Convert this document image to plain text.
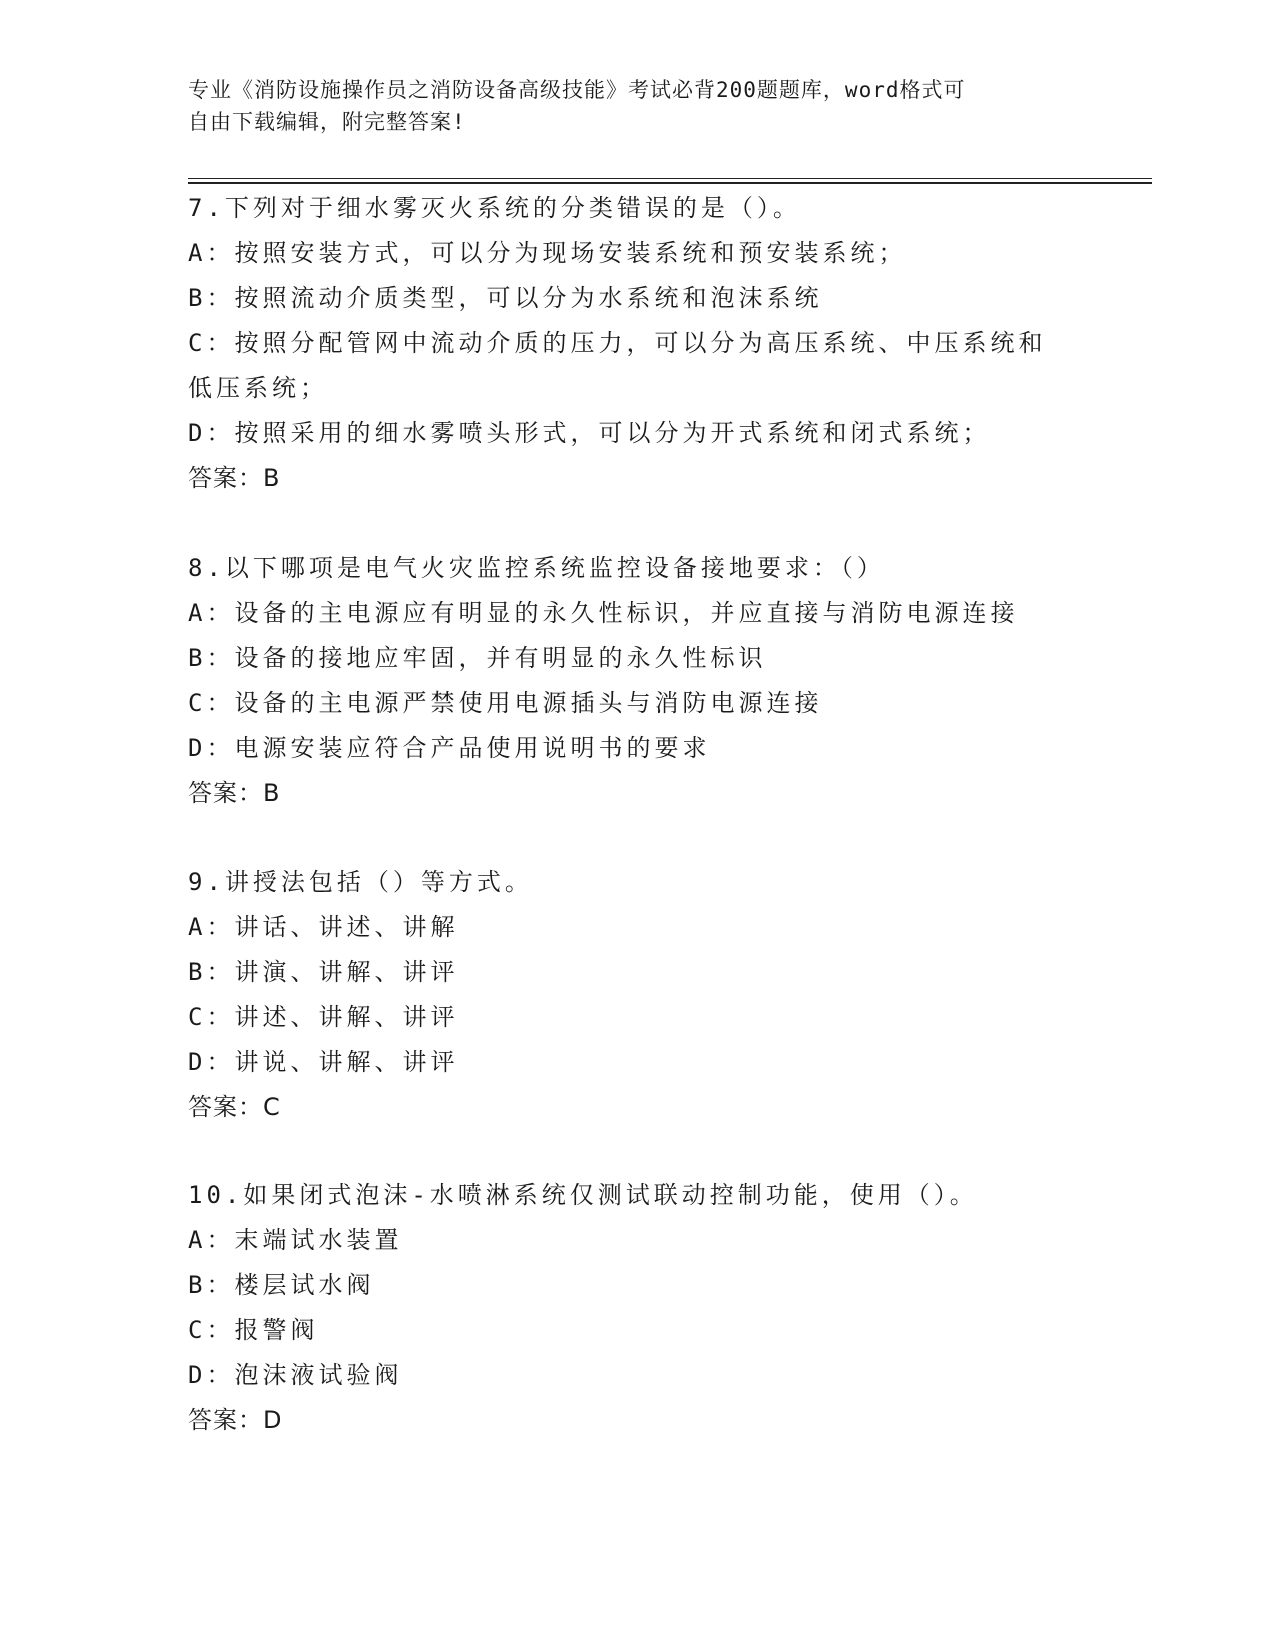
专业《消防设施操作员之消防设备高级技能》考试必背200题题库，word格式可
自由下载编辑，附完整答案!
7.下列对于细水雾灭火系统的分类错误的是（）。
A：按照安装方式，可以分为现场安装系统和预安装系统；
B：按照流动介质类型，可以分为水系统和泡沫系统
C：按照分配管网中流动介质的压力，可以分为高压系统、中压系统和
低压系统；
D：按照采用的细水雾喷头形式，可以分为开式系统和闭式系统；
答案：B
8.以下哪项是电气火灾监控系统监控设备接地要求：（）
A：设备的主电源应有明显的永久性标识，并应直接与消防电源连接
B：设备的接地应牢固，并有明显的永久性标识
C：设备的主电源严禁使用电源插头与消防电源连接
D：电源安装应符合产品使用说明书的要求
答案：B
9.讲授法包括（）等方式。
A：讲话、讲述、讲解
B：讲演、讲解、讲评
C：讲述、讲解、讲评
D：讲说、讲解、讲评
答案：C
10.如果闭式泡沫-水喷淋系统仅测试联动控制功能，使用（）。
A：末端试水装置
B：楼层试水阀
C：报警阀
D：泡沫液试验阀
答案：D
